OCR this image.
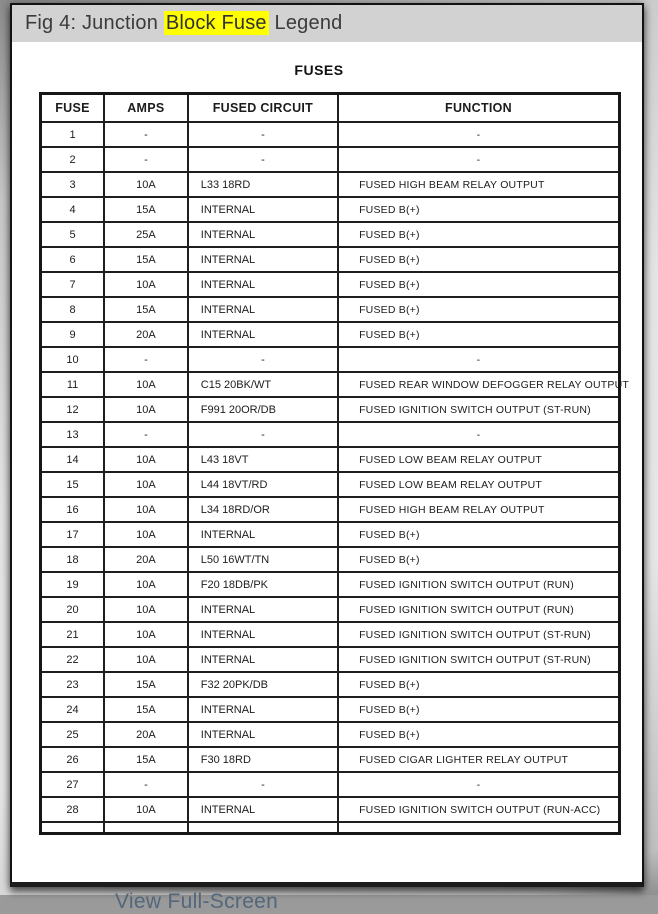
Fig 4: Junction Block Fuse Legend
FUSES
FUSE	AMPS	FUSED CIRCUIT	FUNCTION
1	-	-	-
2	-	-	-
3	10A	L33 18RD	FUSED HIGH BEAM RELAY OUTPUT
4	15A	INTERNAL	FUSED B(+)
5	25A	INTERNAL	FUSED B(+)
6	15A	INTERNAL	FUSED B(+)
7	10A	INTERNAL	FUSED B(+)
8	15A	INTERNAL	FUSED B(+)
9	20A	INTERNAL	FUSED B(+)
10	-	-	-
11	10A	C15 20BK/WT	FUSED REAR WINDOW DEFOGGER RELAY OUTPUT
12	10A	F991 20OR/DB	FUSED IGNITION SWITCH OUTPUT (ST-RUN)
13	-	-	-
14	10A	L43 18VT	FUSED LOW BEAM RELAY OUTPUT
15	10A	L44 18VT/RD	FUSED LOW BEAM RELAY OUTPUT
16	10A	L34 18RD/OR	FUSED HIGH BEAM RELAY OUTPUT
17	10A	INTERNAL	FUSED B(+)
18	20A	L50 16WT/TN	FUSED B(+)
19	10A	F20 18DB/PK	FUSED IGNITION SWITCH OUTPUT (RUN)
20	10A	INTERNAL	FUSED IGNITION SWITCH OUTPUT (RUN)
21	10A	INTERNAL	FUSED IGNITION SWITCH OUTPUT (ST-RUN)
22	10A	INTERNAL	FUSED IGNITION SWITCH OUTPUT (ST-RUN)
23	15A	F32 20PK/DB	FUSED B(+)
24	15A	INTERNAL	FUSED B(+)
25	20A	INTERNAL	FUSED B(+)
26	15A	F30 18RD	FUSED CIGAR LIGHTER RELAY OUTPUT
27	-	-	-
28	10A	INTERNAL	FUSED IGNITION SWITCH OUTPUT (RUN-ACC)

View Full-Screen
